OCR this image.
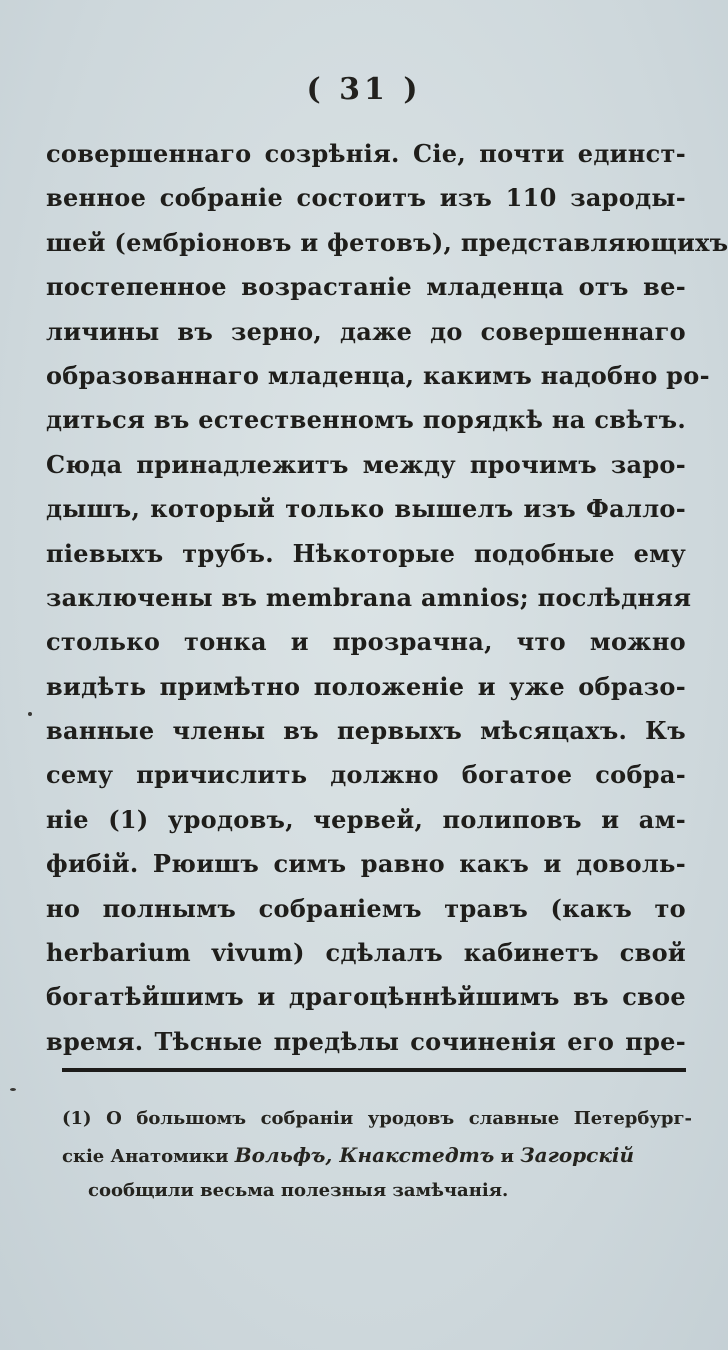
( 31 )
совершеннаго созрѣнія. Сіе, почти единст-
венное собраніе состоитъ изъ 110 зароды-
шей (ембріоновъ и фетовъ), представляющихъ
постепенное возрастаніе младенца отъ ве-
личины въ зерно, даже до совершеннаго
образованнаго младенца, какимъ надобно ро-
диться въ естественномъ порядкѣ на свѣтъ.
Сюда принадлежитъ между прочимъ заро-
дышъ, который только вышелъ изъ Фалло-
піевыхъ трубъ. Нѣкоторые подобные ему
заключены въ membrana amnios; послѣдняя
столько тонка и прозрачна, что можно
видѣть примѣтно положеніе и уже образо-
ванные члены въ первыхъ мѣсяцахъ. Къ
сему причислить должно богатое собра-
ніе (1) уродовъ, червей, полиповъ и ам-
фибій. Рюишъ симъ равно какъ и доволь-
но полнымъ собраніемъ травъ (какъ то
herbarium vivum) сдѣлалъ кабинетъ свой
богатѣйшимъ и драгоцѣннѣйшимъ въ свое
время. Тѣсные предѣлы сочиненія его пре-
(1) О большомъ собраніи уродовъ славные Петербург-
скіе Анатомики Вольфъ, Кнакстедтъ и Загорскій
сообщили весьма полезныя замѣчанія.
